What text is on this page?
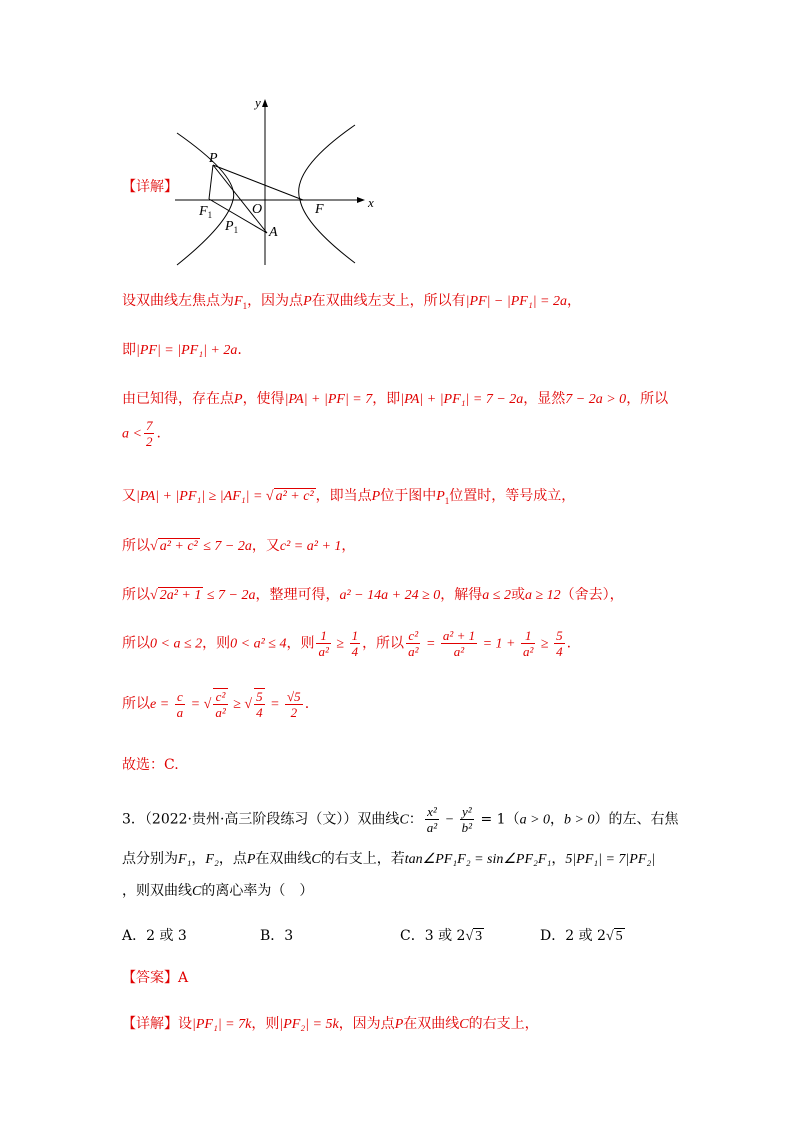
【详解】
x
y
P
$F_1$	O	F
$P_1$ A
设双曲线左焦点为$F_1$，因为点P在双曲线左支上，所以有|PF| − |PF₁| = 2a，
即|PF| = |PF₁| + 2a.
由已知得，存在点P，使得|PA| + |PF| = 7，即|PA| + |PF₁| = 7 − 2a，显然7 − 2a > 0，所以
$a < \frac{7}{2}$ .
又|PA| + |PF₁| ≥ |AF₁| = √ a² + c² ，即当点P位于图中$P_1$位置时，等号成立，
所以√ a² + c² ≤ 7 − 2a，又c² = a² + 1，
所以√ 2a² + 1 ≤ 7 − 2a，整理可得，a² − 14a + 24 ≥ 0，解得a ≤ 2或a ≥ 12（舍去），
所以0 < a ≤ 2，则0 < a² ≤ 4，则 $\frac{1}{\text{a²}} \ge \frac{1}{4}$ ，所以 $\frac{\text{c²}}{\text{a²}} = \frac{\text{a² + 1}}{\text{a²}} = 1 + \frac{1}{\text{a²}} \ge \frac{5}{4}$ .
所以$e = \frac{c}{a}$ = √ $\frac{\text{c²}}{\text{a²}}$ ≥ √ $\frac{5}{4} = \frac{√5}{2}$ .
故选：C.
3．（2022·贵州·高三阶段练习（文））双曲线C： $\frac{\text{x²}}{\text{a²}} - \frac{\text{y²}}{\text{b²}} = 1(a > 0$，b > 0）的左、右焦
点分别为F₁，F₂，点P在双曲线C的右支上，若tan∠PF₁F₂ = sin∠PF₂F₁，5|PF₁| = 7|PF₂|
，则双曲线C的离心率为（　）
A．2 或 3	B．3	C．3 或 2√ 3	D．2 或 2√ 5
【答案】A
【详解】设|PF₁| = 7k，则|PF₂| = 5k，因为点P在双曲线C的右支上，
